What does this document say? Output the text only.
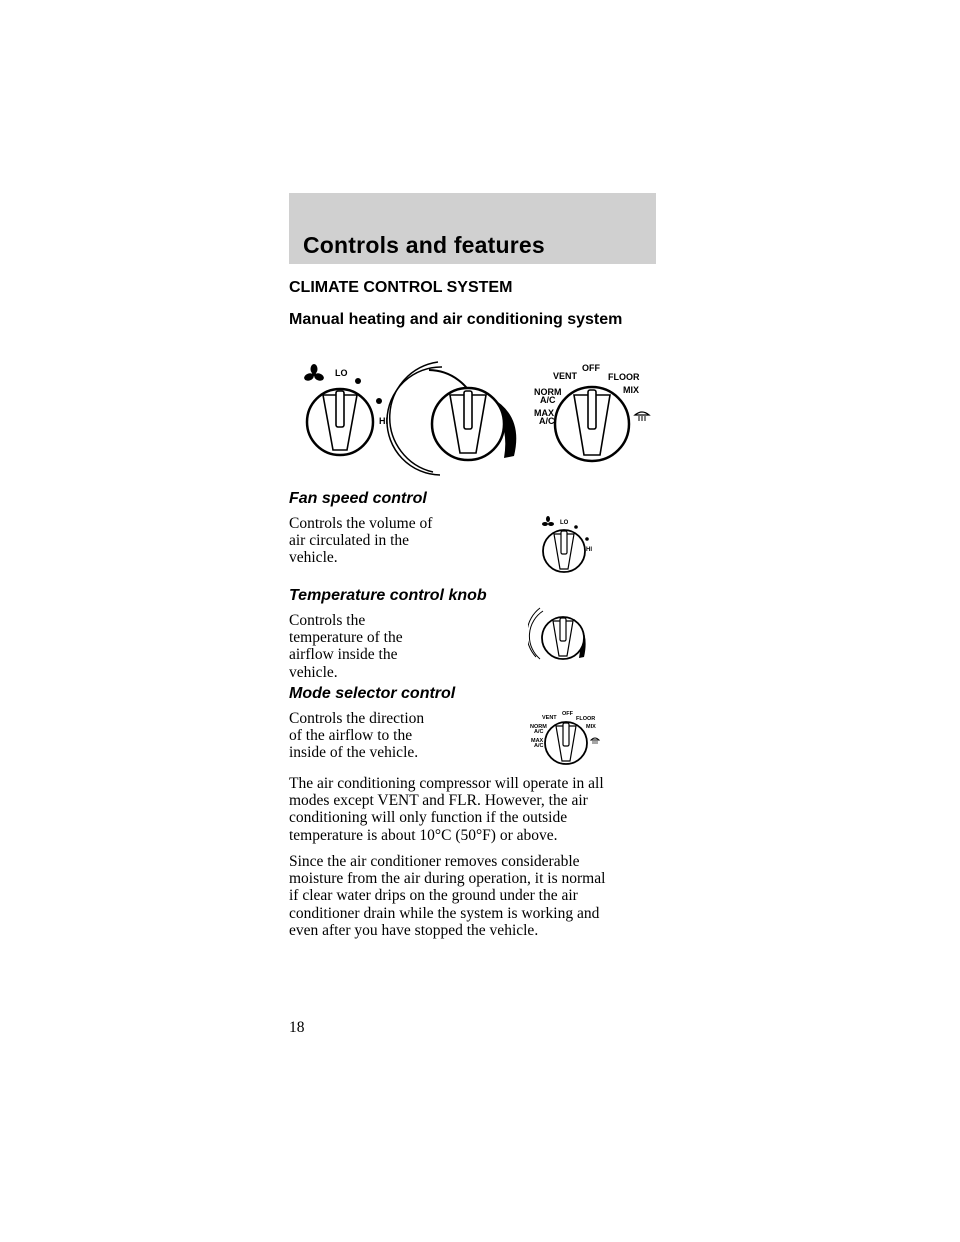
Controls and features
CLIMATE CONTROL SYSTEM
Manual heating and air conditioning system
LO
HI
VENT
OFF
FLOOR
NORM
A/C
MIX
MAX
A/C
Fan speed control
Controls the volume of
air circulated in the
vehicle.
LO
HI
Temperature control knob
Controls the
temperature of the
airflow inside the
vehicle.
Mode selector control
Controls the direction
of the airflow to the
inside of the vehicle.
VENT
OFF
FLOOR
NORM
A/C
MIX
MAX
A/C
The air conditioning compressor will operate in all
modes except VENT and FLR. However, the air
conditioning will only function if the outside
temperature is about 10°C (50°F) or above.
Since the air conditioner removes considerable
moisture from the air during operation, it is normal
if clear water drips on the ground under the air
conditioner drain while the system is working and
even after you have stopped the vehicle.
18
